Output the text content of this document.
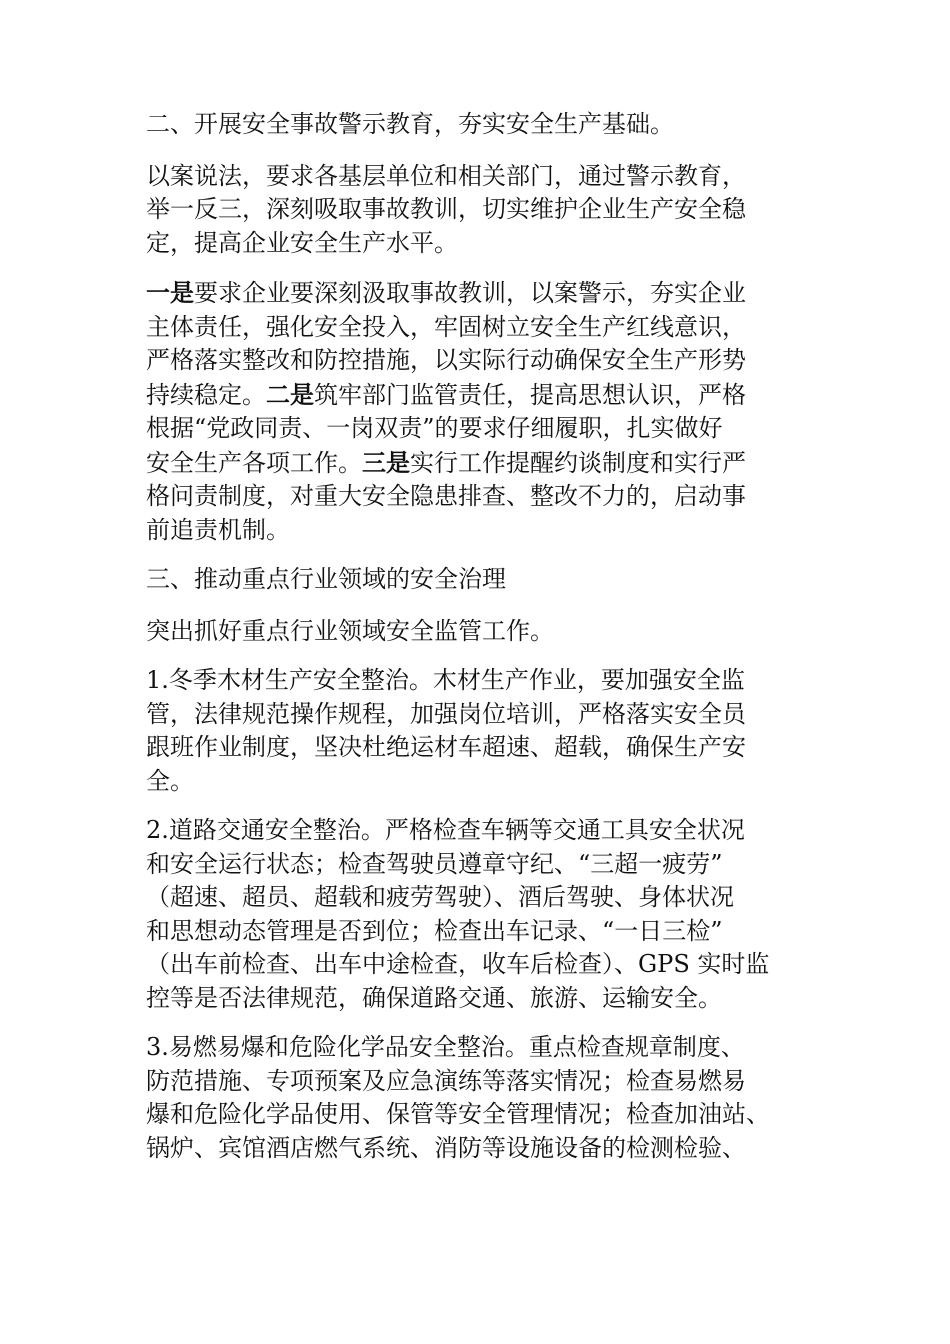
二、开展安全事故警示教育，夯实安全生产基础。

以案说法，要求各基层单位和相关部门，通过警示教育，
举一反三，深刻吸取事故教训，切实维护企业生产安全稳
定，提高企业安全生产水平。

一是要求企业要深刻汲取事故教训，以案警示，夯实企业
主体责任，强化安全投入，牢固树立安全生产红线意识，
严格落实整改和防控措施，以实际行动确保安全生产形势
持续稳定。二是筑牢部门监管责任，提高思想认识，严格
根据“党政同责、一岗双责”的要求仔细履职，扎实做好
安全生产各项工作。三是实行工作提醒约谈制度和实行严
格问责制度，对重大安全隐患排查、整改不力的，启动事
前追责机制。

三、推动重点行业领域的安全治理

突出抓好重点行业领域安全监管工作。

1.冬季木材生产安全整治。木材生产作业，要加强安全监
管，法律规范操作规程，加强岗位培训，严格落实安全员
跟班作业制度，坚决杜绝运材车超速、超载，确保生产安
全。

2.道路交通安全整治。严格检查车辆等交通工具安全状况
和安全运行状态；检查驾驶员遵章守纪、“三超一疲劳”
（超速、超员、超载和疲劳驾驶）、酒后驾驶、身体状况
和思想动态管理是否到位；检查出车记录、“一日三检”
（出车前检查、出车中途检查，收车后检查）、GPS 实时监
控等是否法律规范，确保道路交通、旅游、运输安全。

3.易燃易爆和危险化学品安全整治。重点检查规章制度、
防范措施、专项预案及应急演练等落实情况；检查易燃易
爆和危险化学品使用、保管等安全管理情况；检查加油站、
锅炉、宾馆酒店燃气系统、消防等设施设备的检测检验、
